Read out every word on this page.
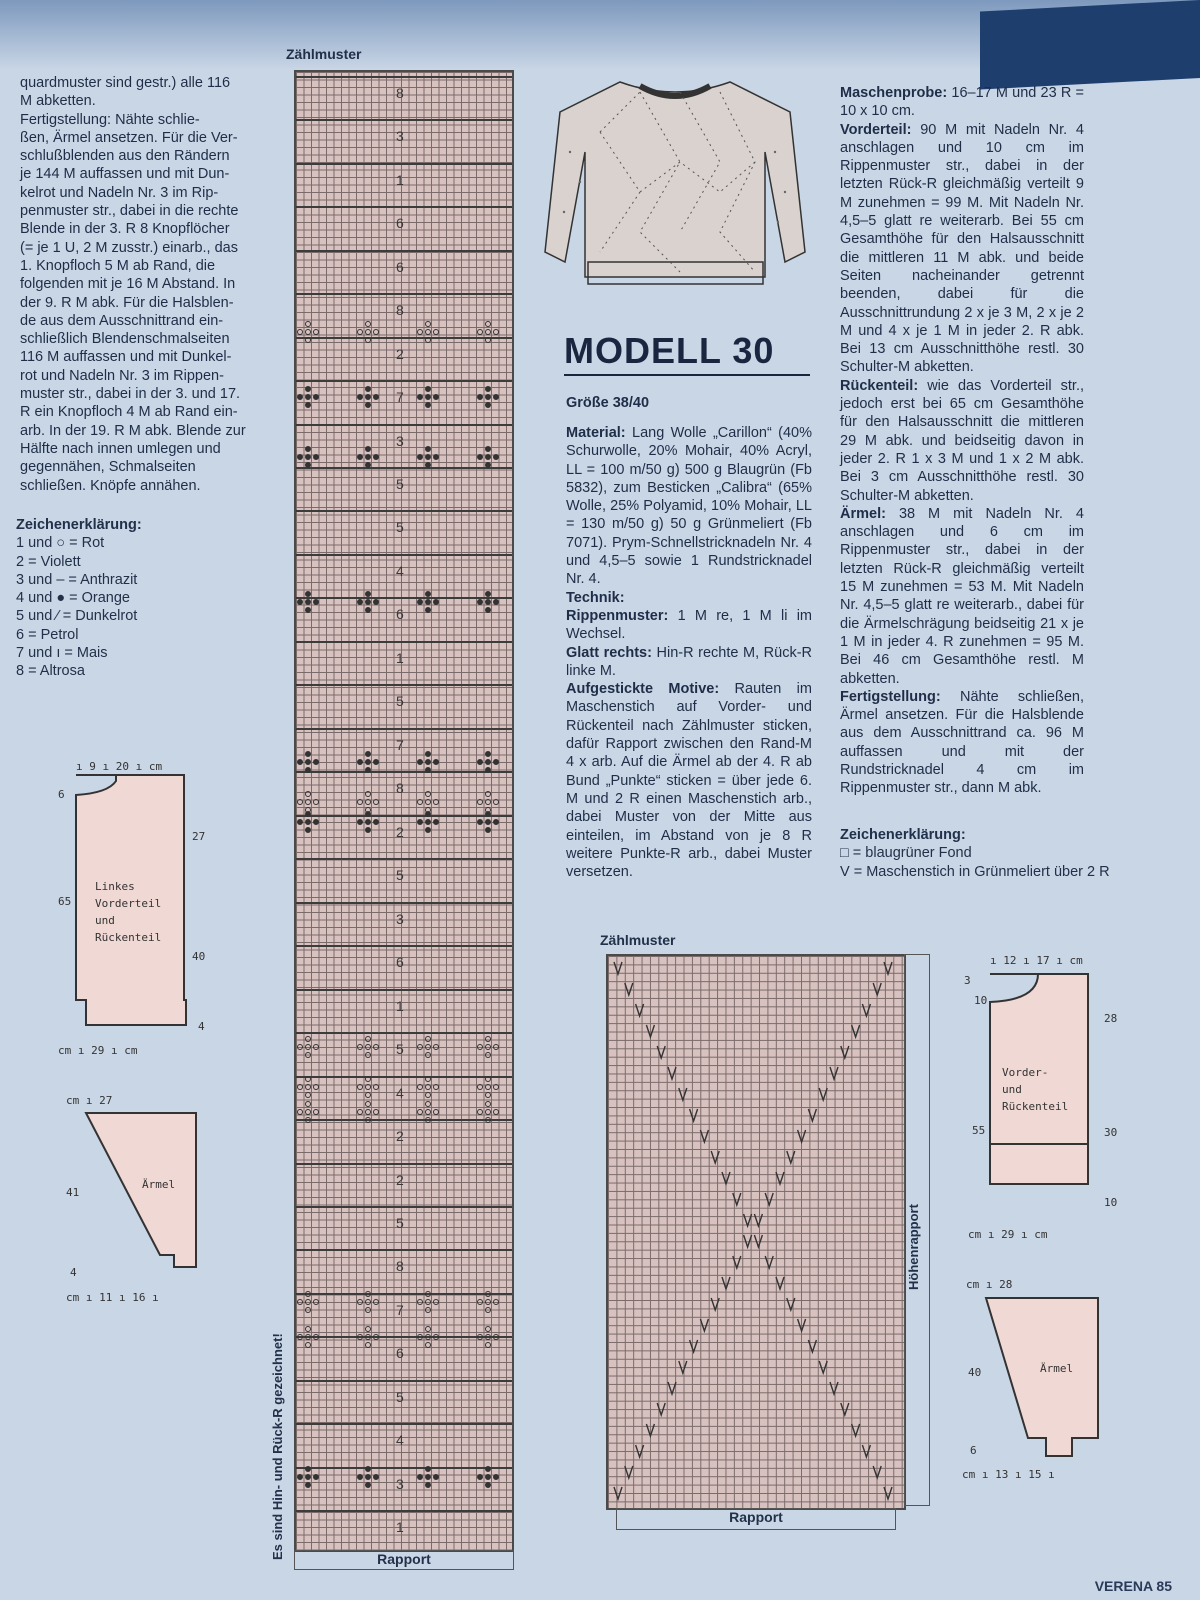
quardmuster sind gestr.) alle 116

M abketten.

Fertigstellung: Nähte schlie-

ßen, Ärmel ansetzen. Für die Ver-

schlußblenden aus den Rändern

je 144 M auffassen und mit Dun-

kelrot und Nadeln Nr. 3 im Rip-

penmuster str., dabei in die rechte

Blende in der 3. R 8 Knopflöcher

(= je 1 U, 2 M zusstr.) einarb., das

1. Knopfloch 5 M ab Rand, die

folgenden mit je 16 M Abstand. In

der 9. R M abk. Für die Halsblen-

de aus dem Ausschnittrand ein-

schließlich Blendenschmalseiten

116 M auffassen und mit Dunkel-

rot und Nadeln Nr. 3 im Rippen-

muster str., dabei in der 3. und 17.

R ein Knopfloch 4 M ab Rand ein-

arb. In der 19. R M abk. Blende zur

Hälfte nach innen umlegen und

gegennähen, Schmalseiten

schließen. Knöpfe annähen.

Zeichenerklärung:
1 und ○ = Rot
2 = Violett
3 und – = Anthrazit
4 und ● = Orange
5 und ⁄ = Dunkelrot
6 = Petrol
7 und ı = Mais
8 = Altrosa
ı 9 ı 20 ı cm
6
27
65
40
4
cm ı 29 ı cm
Linkes
Vorderteil
und
Rückenteil
cm ı 27
41
4
cm ı 11 ı 16 ı
Ärmel
Zählmuster
8
3
1
6
6
8
2
7
3
5
5
4
6
1
5
7
8
2
5
3
6
1
5
4
2
2
5
8
7
6
5
4
3
1
Rapport
Es sind Hin- und Rück-R gezeichnet!
MODELL 30
Größe 38/40

Material: Lang Wolle „Carillon“ (40% Schurwolle, 20% Mohair, 40% Acryl, LL = 100 m/50 g) 500 g Blaugrün (Fb 5832), zum Besticken „Calibra“ (65% Wolle, 25% Polyamid, 10% Mohair, LL = 130 m/50 g) 50 g Grünmeliert (Fb 7071). Prym-Schnellstricknadeln Nr. 4 und 4,5–5 sowie 1 Rundstricknadel Nr. 4.

Technik:

Rippenmuster: 1 M re, 1 M li im Wechsel.

Glatt rechts: Hin-R rechte M, Rück-R linke M.

Aufgestickte Motive: Rauten im Maschenstich auf Vorder- und Rückenteil nach Zählmuster sticken, dafür Rapport zwischen den Rand-M 4 x arb. Auf die Ärmel ab der 4. R ab Bund „Punkte“ sticken = über jede 6. M und 2 R einen Maschenstich arb., dabei Muster von der Mitte aus einteilen, im Abstand von je 8 R weitere Punkte-R arb., dabei Muster versetzen.

Maschenprobe: 16–17 M und 23 R = 10 x 10 cm.

Vorderteil: 90 M mit Nadeln Nr. 4 anschlagen und 10 cm im Rippenmuster str., dabei in der letzten Rück-R gleichmäßig verteilt 9 M zunehmen = 99 M. Mit Nadeln Nr. 4,5–5 glatt re weiterarb. Bei 55 cm Gesamthöhe für den Halsausschnitt die mittleren 11 M abk. und beide Seiten nacheinander getrennt beenden, dabei für die Ausschnittrundung 2 x je 3 M, 2 x je 2 M und 4 x je 1 M in jeder 2. R abk. Bei 13 cm Ausschnitthöhe restl. 30 Schulter-M abketten.

Rückenteil: wie das Vorderteil str., jedoch erst bei 65 cm Gesamthöhe für den Halsausschnitt die mittleren 29 M abk. und beidseitig davon in jeder 2. R 1 x 3 M und 1 x 2 M abk. Bei 3 cm Ausschnitthöhe restl. 30 Schulter-M abketten.

Ärmel: 38 M mit Nadeln Nr. 4 anschlagen und 6 cm im Rippenmuster str., dabei in der letzten Rück-R gleichmäßig verteilt 15 M zunehmen = 53 M. Mit Nadeln Nr. 4,5–5 glatt re weiterarb., dabei für die Ärmelschrägung beidseitig 21 x je 1 M in jeder 4. R zunehmen = 95 M. Bei 46 cm Gesamthöhe restl. M abketten.

Fertigstellung: Nähte schließen, Ärmel ansetzen. Für die Halsblende aus dem Ausschnittrand ca. 96 M auffassen und mit der Rundstricknadel 4 cm im Rippenmuster str., dann M abk.

Zeichenerklärung:
□ = blaugrüner Fond
V = Maschenstich in Grünmeliert über 2 R
Zählmuster
Rapport
Höhenrapport
ı 12 ı 17 ı cm
3
10
55
28
30
10
cm ı 29 ı cm
Vorder-
und
Rückenteil
cm ı 28
40
6
cm ı 13 ı 15 ı
Ärmel
VERENA 85
